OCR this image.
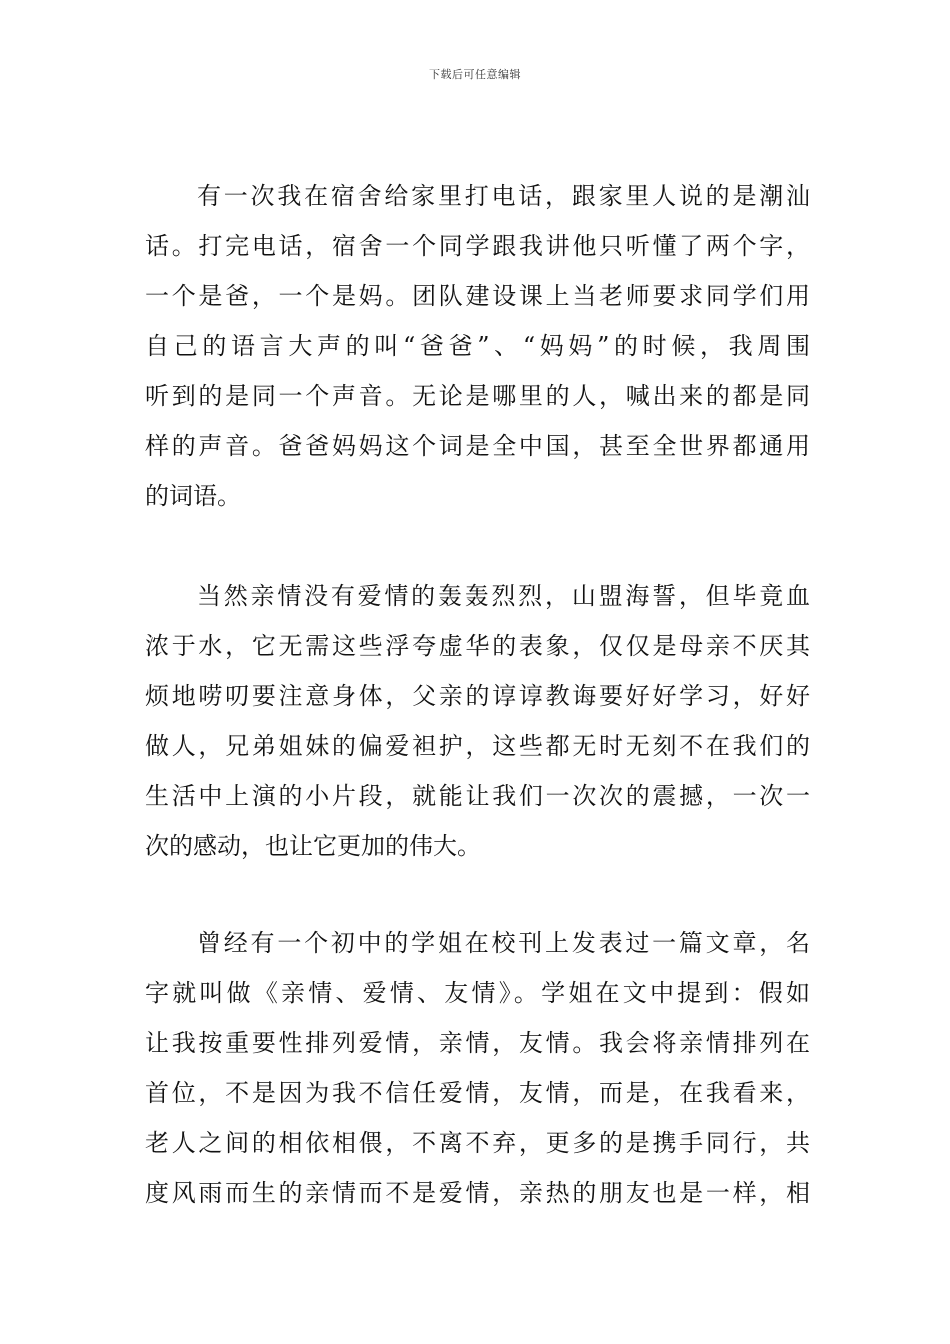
下载后可任意编辑
有一次我在宿舍给家里打电话，跟家里人说的是潮汕
话。打完电话，宿舍一个同学跟我讲他只听懂了两个字，
一个是爸，一个是妈。团队建设课上当老师要求同学们用
自己的语言大声的叫“爸爸”、“妈妈”的时候，我周围
听到的是同一个声音。无论是哪里的人，喊出来的都是同
样的声音。爸爸妈妈这个词是全中国，甚至全世界都通用
的词语。
当然亲情没有爱情的轰轰烈烈，山盟海誓，但毕竟血
浓于水，它无需这些浮夸虚华的表象，仅仅是母亲不厌其
烦地唠叨要注意身体，父亲的谆谆教诲要好好学习，好好
做人，兄弟姐妹的偏爱袒护，这些都无时无刻不在我们的
生活中上演的小片段，就能让我们一次次的震撼，一次一
次的感动，也让它更加的伟大。
曾经有一个初中的学姐在校刊上发表过一篇文章，名
字就叫做《亲情、爱情、友情》。学姐在文中提到：假如
让我按重要性排列爱情，亲情，友情。我会将亲情排列在
首位，不是因为我不信任爱情，友情，而是，在我看来，
老人之间的相依相偎，不离不弃，更多的是携手同行，共
度风雨而生的亲情而不是爱情，亲热的朋友也是一样，相
